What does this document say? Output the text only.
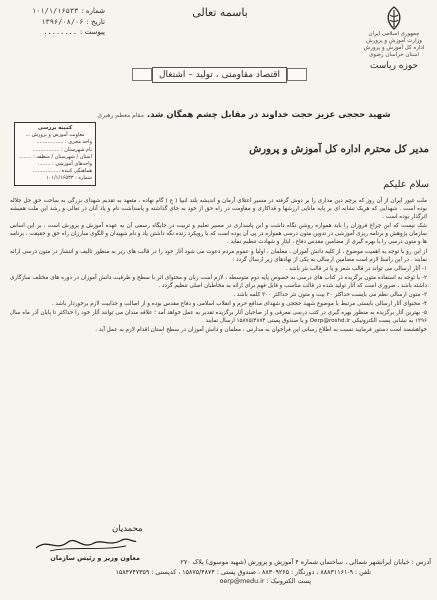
شماره :
۱۰۱/۱/۱۶۵۳۳
تاریخ :
۱۳۹۶/۰۸/۰۶
پیوست :
........
باسمه تعالی
جمهوری اسلامی ایران
وزارت آموزش و پرورش
اداره کل آموزش و پرورش
استان خراسان رضوی
حوزه ریاست
اقتصاد مقاومتی ، تولید – اشتغال
شهید حججی عزیز حجت خداوند در مقابل چشم همگان شد. مقام معظم رهبری
کمیته بررسی
معاونت آموزش و پرورش ...
واحد مجری : .................
نام شهرستان : .................
استان / شهرستان / منطقه : ........
واحدهای آموزشی : ........
هماهنگی کننده .................
شماره : ۱۰۱/۱/۱۶۵۳۳
مدیر کل محترم اداره کل آموزش و پرورش
سلام علیکم

ملت غیور ایران از آن روز که پرچم دین مداری را بر دوش گرفته در مسیر اعتلای آرمان و اندیشه بلند انبیا ( ع ) گام نهاده ، متعهد به تقدیم شهدای بزرگی به ساحت حق جل جلاله بوده است . شهدایی که هریک نشانه ای بر پایه مانایی ارزشها و فداکاری و مقاومت در راه حق از خود به جای گذاشته و پاسداشت نام و یاد آنان در تعالی و رشد این ملت همیشه اثرگذار بوده است .

شک نیست که این چراغ فروزان را باید همواره روشن نگاه داشت و این پاسداری در مسیر تعلیم و تربیت در جایگاه رسمی آن به عهده آموزش و پرورش است . بر این اساس سازمان پژوهش و برنامه ریزی آموزشی در تدوین متون درسی همواره در پی آن بوده است که با رویکرد زنده نگه داشتن یاد و نام شهیدان و الگوی مبارزان راه حق و حقیقت ، برنامه ها و متون درسی را با بهره گیری از مضامین مقدس دفاع ، ایثار و شهادت تنظیم نماید .

از این رو با توجه به اهمیت موضوع ، از کلیه دانش آموزان ، معلمان ، اولیا و عموم مردم دعوت می شود آثار خود را در قالب های زیر به منظور تالیف و انتشار در متون درسی ارائه نمایند . در این راستا لازم است مضامین ارسالی به یکی از نهادهای زیر ارسال گردد :

۱- آثار ارسالی می تواند در قالب شعر و یا در قالب نثر باشد .

۲- با توجه به استفاده متون برگزیده در کتاب های درسی به خصوص پایه دوم متوسطه ، لازم است زبان و محتوای اثر با سطح و ظرفیت دانش آموزان در دوره های مختلف سازگاری داشته باشد ، ضروری است که آثار تولید شده در قالب مناسب و قابل فهم برای ارائه به مخاطبان اصلی تنظیم گردد .

۳- متون ارسالی نظم می بایست حداکثر ۲۰ بیت و متون نثر حداکثر ۳۰۰ کلمه باشد .

۴- محتوای آثار ارسالی بایستی مرتبط با موضوع شهید حججی و شهدای مدافع حرم و انقلاب اسلامی و دفاع مقدس بوده و از اصالت و جذابیت لازم برخوردار باشد .

۵- بهترین آثار برگزیده به منظور بهره گیری در کتب درسی معرفی و از صاحبان آثار برگزیده تقدیر به عمل خواهد آمد ؛ علاقه مندان می توانند آثار خود را حداکثر تا پایان آذر ماه سال ۱۳۹۶ به نشانی پست الکترونیکی Oerp@roshd.ir و یا صندوق پستی ۱۵۸۷۵/۴۸۷۴ ارسال نمایند .

خواهشمند است دستور فرمایید نسبت به اطلاع رسانی این فراخوان به مدارس ، معلمان و دانش آموزان در سطح استان اقدام لازم به عمل آید .

محمدیان
معاون وزیر و رئیس سازمان
آدرس : خیابان ایرانشهر شمالی ، ساختمان شماره ۴ آموزش و پرورش (شهید موسوی) پلاک ۲۷۰
تلفن : ۹-۸۸۸۳۱۱۶۱ ، دورنگار : ۸۸۳۰۹۲۶۵ ، صندوق پستی : ۱۵۸۷۵/۴۸۷۴ ، کدپستی : ۱۵۸۴۷۴۷۳۵۹
پست الکترونیک : oerp@medu.ir
